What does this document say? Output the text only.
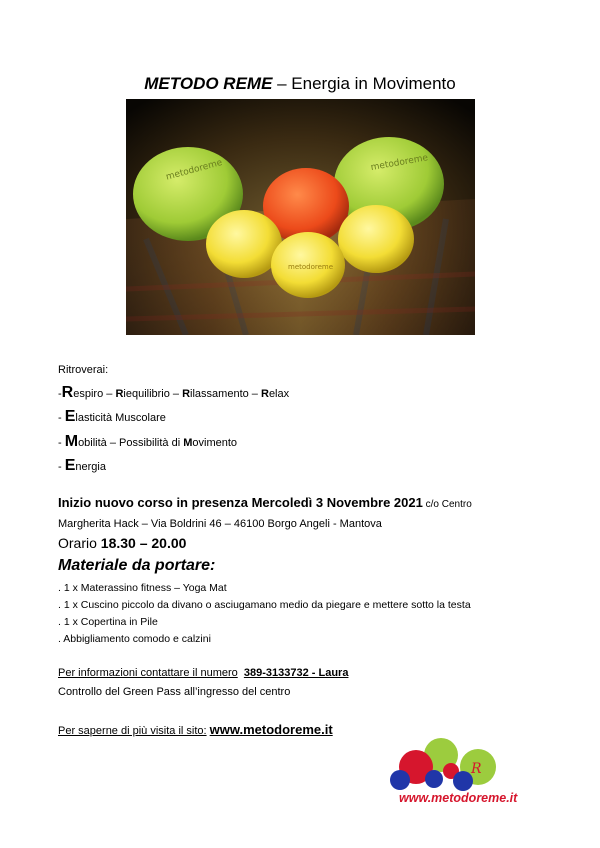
METODO REME – Energia in Movimento
metodoreme	metodoreme
metodoreme
Ritroverai:
-Respiro – Riequilibrio – Rilassamento – Relax
- Elasticità Muscolare
- Mobilità – Possibilità di Movimento
- Energia
Inizio nuovo corso in presenza Mercoledì 3 Novembre 2021 c/o Centro
Margherita Hack – Via Boldrini 46 – 46100 Borgo Angeli - Mantova
Orario 18.30 – 20.00
Materiale da portare:
. 1 x Materassino fitness – Yoga Mat
. 1 x Cuscino piccolo da divano o asciugamano medio da piegare e mettere sotto la testa
. 1 x Copertina in Pile
. Abbigliamento comodo e calzini
Per informazioni contattare il numero 389-3133732 - Laura
Controllo del Green Pass all’ingresso del centro
Per saperne di più visita il sito: www.metodoreme.it
R
www.metodoreme.it
